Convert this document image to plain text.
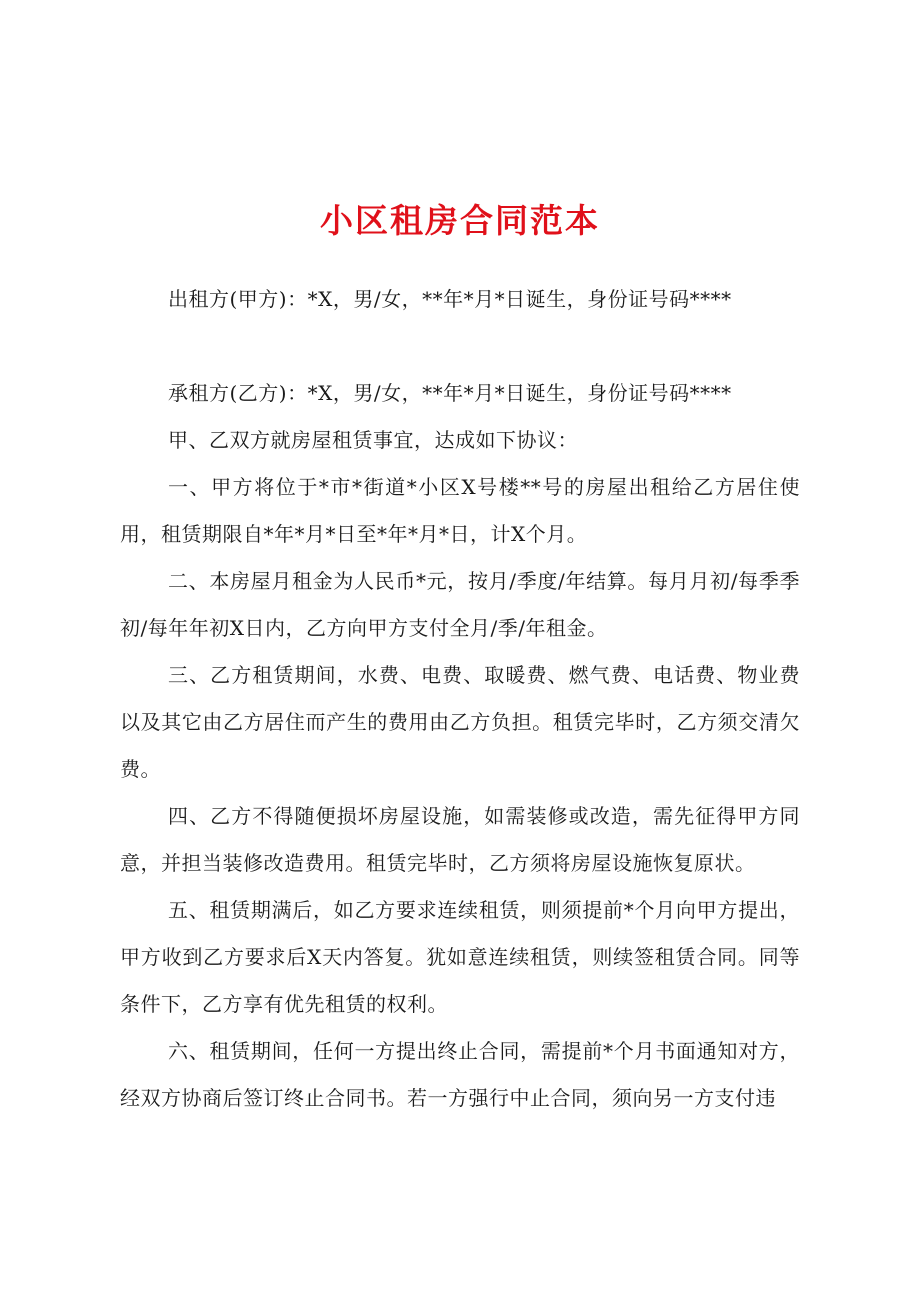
小区租房合同范本

出租方(甲方)：*X，男/女，**年*月*日诞生，身份证号码****

承租方(乙方)：*X，男/女，**年*月*日诞生，身份证号码****

甲、乙双方就房屋租赁事宜，达成如下协议：

一、甲方将位于*市*街道*小区X号楼**号的房屋出租给乙方居住使用，租赁期限自*年*月*日至*年*月*日，计X个月。

二、本房屋月租金为人民币*元，按月/季度/年结算。每月月初/每季季初/每年年初X日内，乙方向甲方支付全月/季/年租金。

三、乙方租赁期间，水费、电费、取暖费、燃气费、电话费、物业费以及其它由乙方居住而产生的费用由乙方负担。租赁完毕时，乙方须交清欠费。

四、乙方不得随便损坏房屋设施，如需装修或改造，需先征得甲方同意，并担当装修改造费用。租赁完毕时，乙方须将房屋设施恢复原状。

五、租赁期满后，如乙方要求连续租赁，则须提前*个月向甲方提出，甲方收到乙方要求后X天内答复。犹如意连续租赁，则续签租赁合同。同等条件下，乙方享有优先租赁的权利。

六、租赁期间，任何一方提出终止合同，需提前*个月书面通知对方，经双方协商后签订终止合同书。若一方强行中止合同，须向另一方支付违
